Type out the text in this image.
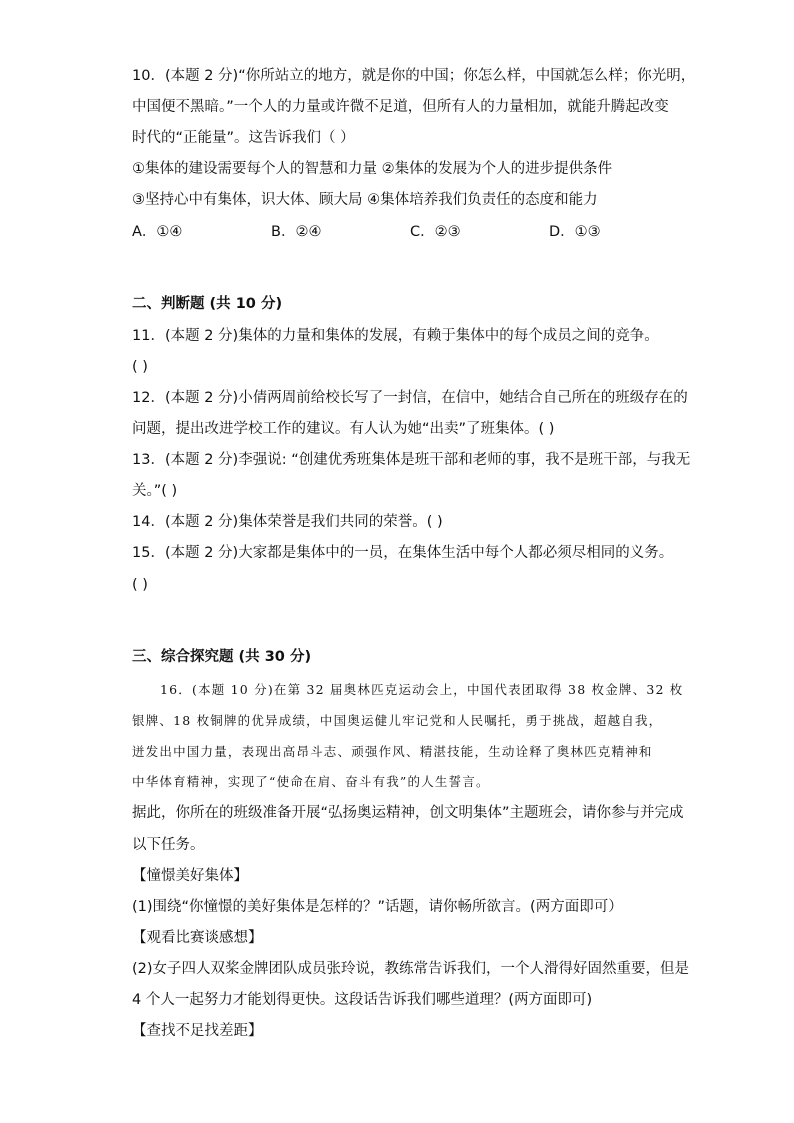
10．(本题 2 分)“你所站立的地方，就是你的中国；你怎么样，中国就怎么样；你光明，
中国便不黑暗。”一个人的力量或许微不足道，但所有人的力量相加，就能升腾起改变
时代的“正能量”。这告诉我们（ ）
①集体的建设需要每个人的智慧和力量 ②集体的发展为个人的进步提供条件
③坚持心中有集体，识大体、顾大局 ④集体培养我们负责任的态度和能力
A．①④	B．②④	C．②③	D．①③
二、判断题 (共 10 分)
11．(本题 2 分)集体的力量和集体的发展，有赖于集体中的每个成员之间的竞争。
( )
12．(本题 2 分)小倩两周前给校长写了一封信，在信中，她结合自己所在的班级存在的
问题，提出改进学校工作的建议。有人认为她“出卖”了班集体。( )
13．(本题 2 分)李强说: “创建优秀班集体是班干部和老师的事，我不是班干部，与我无
关。”( )
14．(本题 2 分)集体荣誉是我们共同的荣誉。( )
15．(本题 2 分)大家都是集体中的一员，在集体生活中每个人都必须尽相同的义务。
( )
三、综合探究题 (共 30 分)
16．(本题 10 分)在第 32 届奥林匹克运动会上，中国代表团取得 38 枚金牌、32 枚
银牌、18 枚铜牌的优异成绩，中国奥运健儿牢记党和人民嘱托，勇于挑战，超越自我，
迸发出中国力量，表现出高昂斗志、顽强作风、精湛技能，生动诠释了奥林匹克精神和
中华体育精神，实现了“使命在肩、奋斗有我”的人生誓言。
据此，你所在的班级准备开展“弘扬奥运精神，创文明集体”主题班会，请你参与并完成
以下任务。
【憧憬美好集体】
(1)围绕“你憧憬的美好集体是怎样的？”话题，请你畅所欲言。(两方面即可）
【观看比赛谈感想】
(2)女子四人双桨金牌团队成员张玲说，教练常告诉我们，一个人滑得好固然重要，但是
4 个人一起努力才能划得更快。这段话告诉我们哪些道理？(两方面即可)
【查找不足找差距】
